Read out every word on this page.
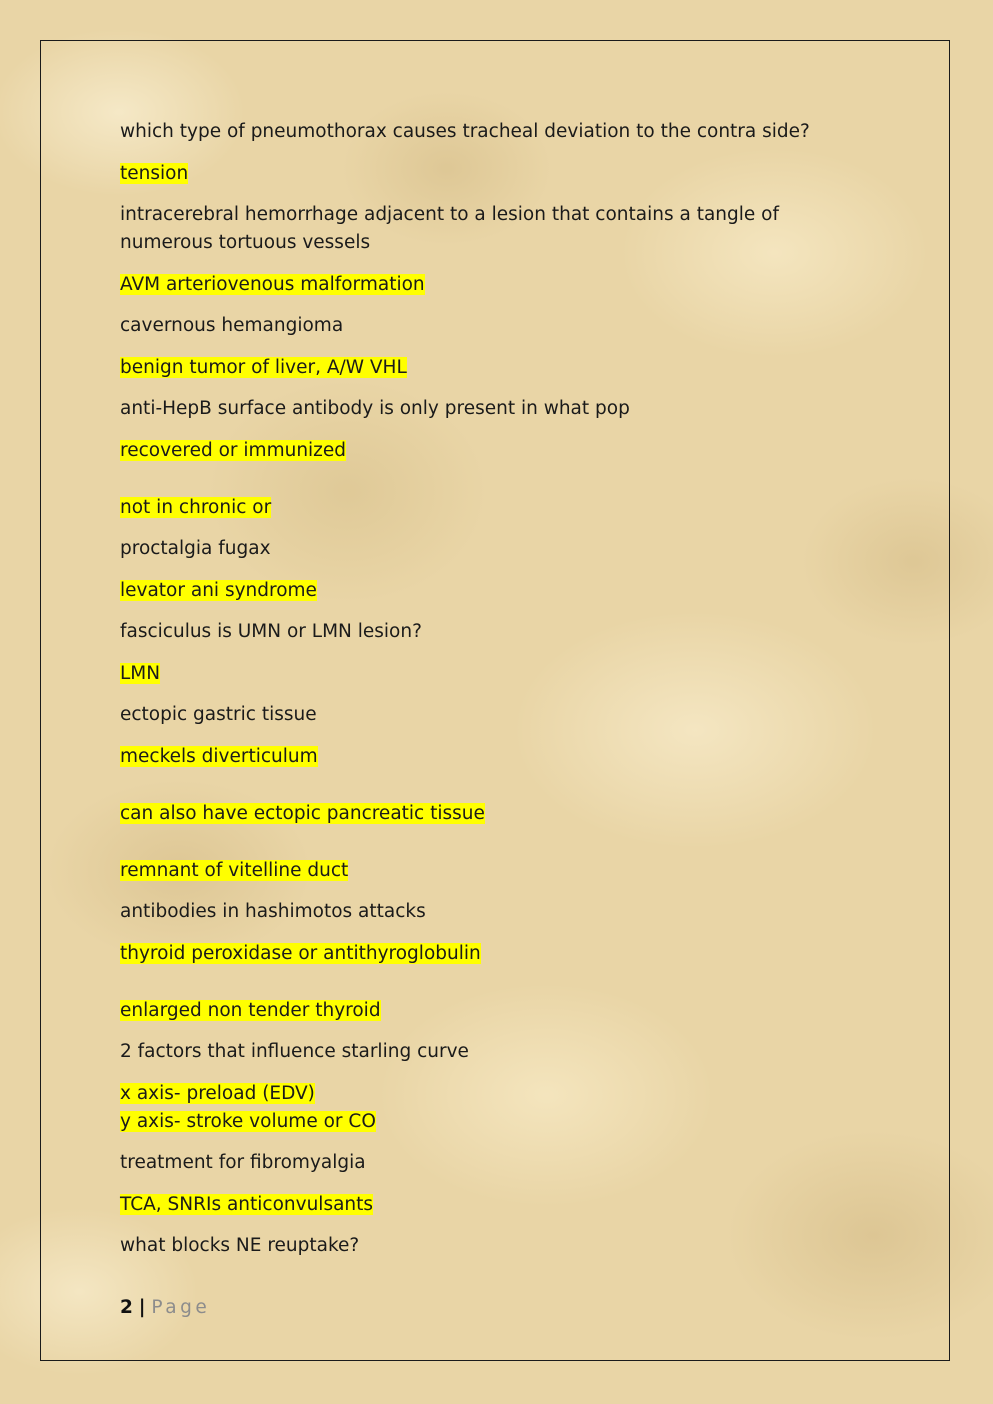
which type of pneumothorax causes tracheal deviation to the contra side?

tension

intracerebral hemorrhage adjacent to a lesion that contains a tangle of numerous tortuous vessels

AVM arteriovenous malformation

cavernous hemangioma

benign tumor of liver, A/W VHL

anti-HepB surface antibody is only present in what pop

recovered or immunized

not in chronic or

proctalgia fugax

levator ani syndrome

fasciculus is UMN or LMN lesion?

LMN

ectopic gastric tissue

meckels diverticulum

can also have ectopic pancreatic tissue

remnant of vitelline duct

antibodies in hashimotos attacks

thyroid peroxidase or antithyroglobulin

enlarged non tender thyroid

2 factors that influence starling curve

x axis- preload (EDV)

y axis- stroke volume or CO

treatment for fibromyalgia

TCA, SNRIs anticonvulsants

what blocks NE reuptake?

2 | Page
